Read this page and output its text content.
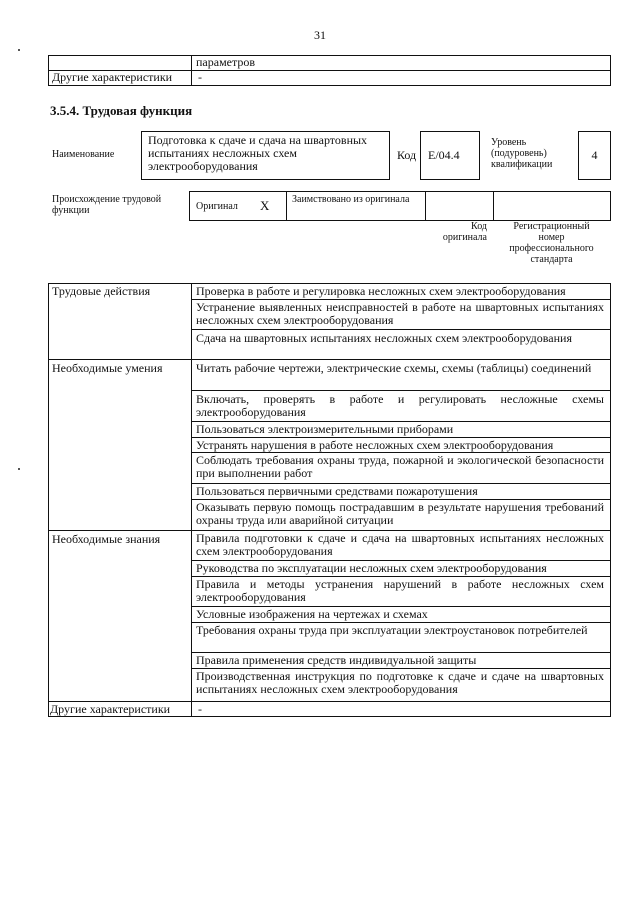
31
параметров
Другие характеристики -
3.5.4. Трудовая функция
Наименование
Подготовка к сдаче и сдача на швартовных испытаниях несложных схем электрооборудования
Код E/04.4
Уровень (подуровень) квалификации
4
Происхождение трудовой функции	Оригинал X Заимствовано из оригинала
Код оригинала
Регистрационный номер профессионального стандарта
Трудовые действия
Необходимые умения
Необходимые знания
Другие характеристики -
Проверка в работе и регулировка несложных схем электрооборудования
Устранение выявленных неисправностей в работе на швартовных испытаниях несложных схем электрооборудования
Сдача на швартовных испытаниях несложных схем электрооборудования
Читать рабочие чертежи, электрические схемы, схемы (таблицы) соединений
Включать, проверять в работе и регулировать несложные схемы электрооборудования
Пользоваться электроизмерительными приборами
Устранять нарушения в работе несложных схем электрооборудования
Соблюдать требования охраны труда, пожарной и экологической безопасности при выполнении работ
Пользоваться первичными средствами пожаротушения
Оказывать первую помощь пострадавшим в результате нарушения требований охраны труда или аварийной ситуации
Правила подготовки к сдаче и сдача на швартовных испытаниях несложных схем электрооборудования
Руководства по эксплуатации несложных схем электрооборудования
Правила и методы устранения нарушений в работе несложных схем электрооборудования
Условные изображения на чертежах и схемах
Требования охраны труда при эксплуатации электроустановок потребителей
Правила применения средств индивидуальной защиты
Производственная инструкция по подготовке к сдаче и сдаче на швартовных испытаниях несложных схем электрооборудования
